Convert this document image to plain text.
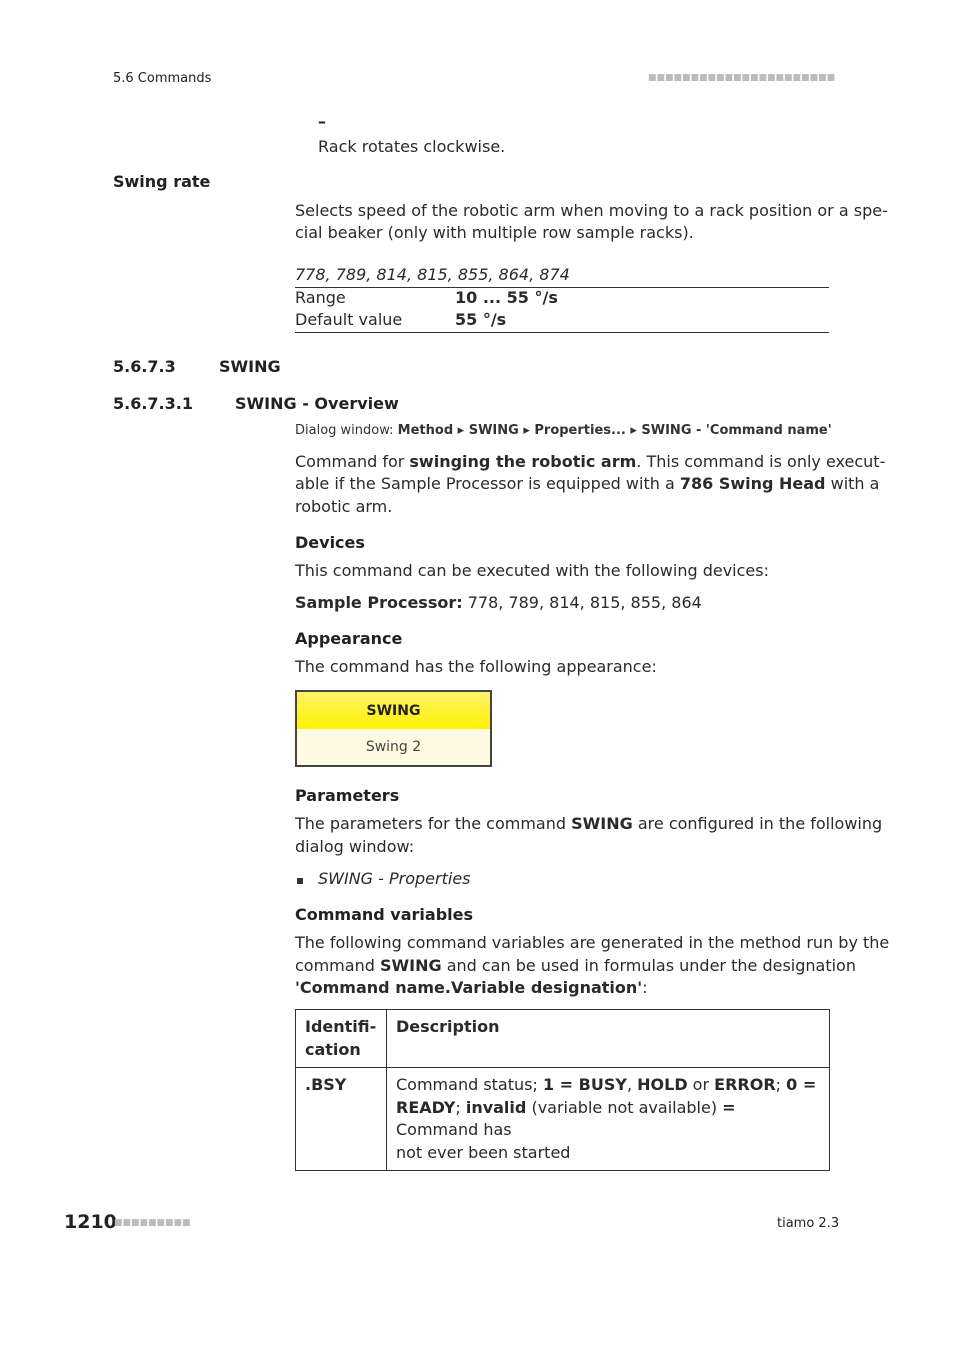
5.6 Commands	■■■■■■■■■■■■■■■■■■■■■■
–
Rack rotates clockwise.
Swing rate
Selects speed of the robotic arm when moving to a rack position or a spe-
cial beaker (only with multiple row sample racks).
778, 789, 814, 815, 855, 864, 874
Range	10 ... 55 °/s
Default value	55 °/s
5.6.7.3	SWING
5.6.7.3.1	SWING - Overview
Dialog window: Method ▸ SWING ▸ Properties... ▸ SWING - 'Command name'
Command for swinging the robotic arm. This command is only execut-
able if the Sample Processor is equipped with a 786 Swing Head with a
robotic arm.
Devices
This command can be executed with the following devices:
Sample Processor: 778, 789, 814, 815, 855, 864
Appearance
The command has the following appearance:
SWING
Swing 2
Parameters
The parameters for the command SWING are configured in the following
dialog window:
SWING - Properties
Command variables
The following command variables are generated in the method run by the
command SWING and can be used in formulas under the designation
'Command name.Variable designation':
Identifi-
cation	Description
.BSY	Command status; 1 = BUSY, HOLD or ERROR; 0 =
READY; invalid (variable not available) = Command has
not ever been started
1210
■■■■■■■■■	tiamo 2.3
